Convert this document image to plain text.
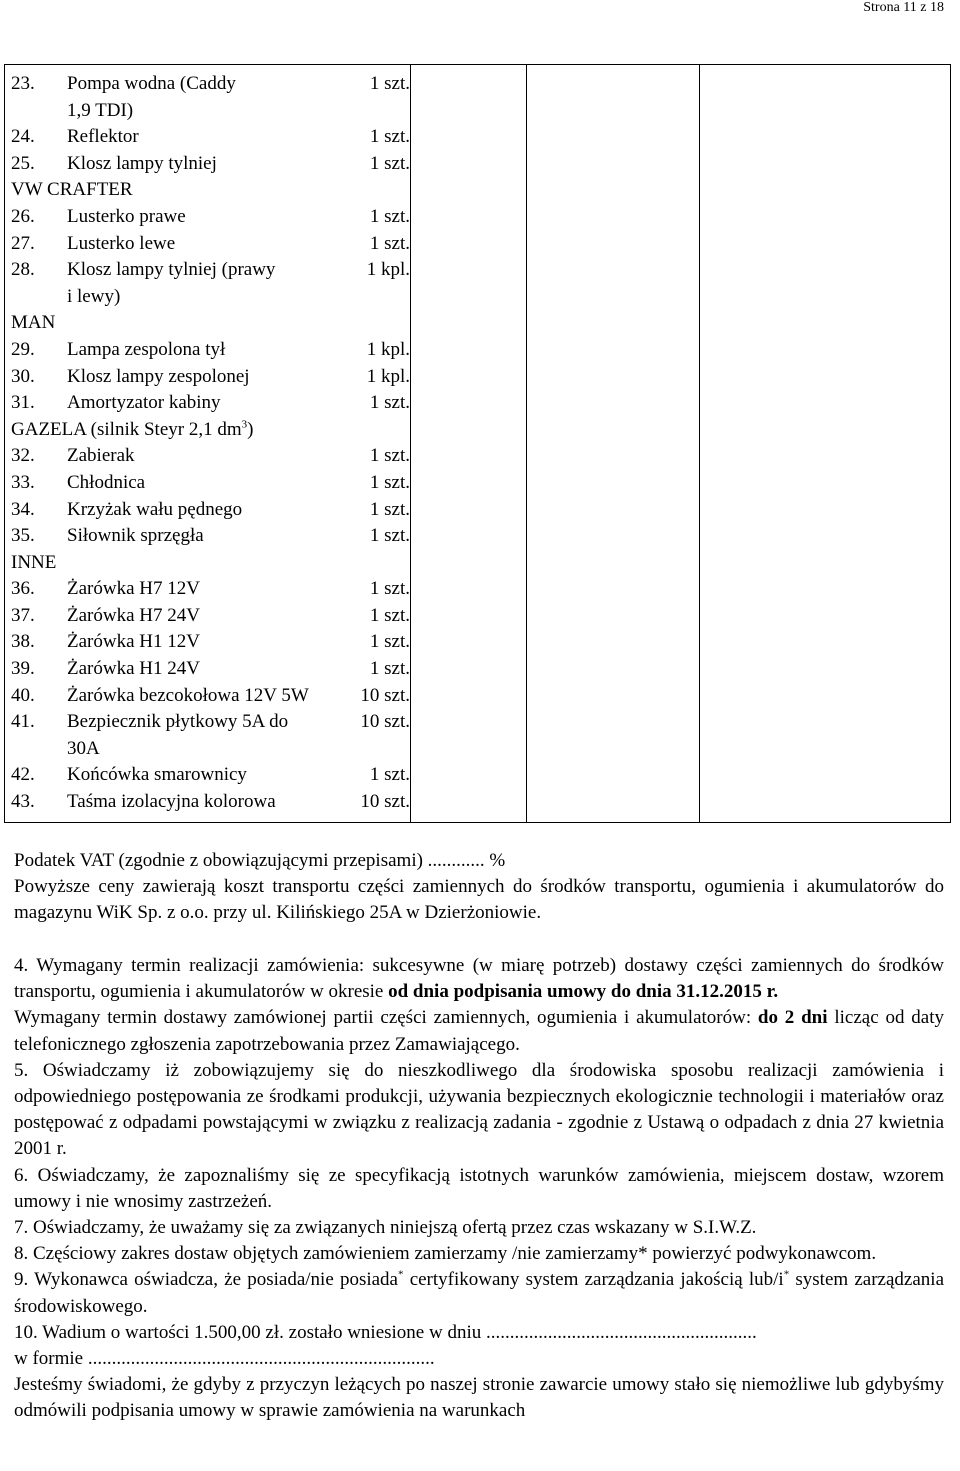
Strona 11 z 18
23.	Pompa wodna (Caddy	1 szt.
1,9 TDI)
24.	Reflektor	1 szt.
25.	Klosz lampy tylniej	1 szt.
VW CRAFTER
26.	Lusterko prawe	1 szt.
27.	Lusterko lewe	1 szt.
28.	Klosz lampy tylniej (prawy	1 kpl.
i lewy)
MAN
29.	Lampa zespolona tył	1 kpl.
30.	Klosz lampy zespolonej	1 kpl.
31.	Amortyzator kabiny	1 szt.
GAZELA (silnik Steyr 2,1 $dm^3$)
32.	Zabierak	1 szt.
33.	Chłodnica	1 szt.
34.	Krzyżak wału pędnego	1 szt.
35.	Siłownik sprzęgła	1 szt.
INNE
36.	Żarówka H7 12V	1 szt.
37.	Żarówka H7 24V	1 szt.
38.	Żarówka H1 12V	1 szt.
39.	Żarówka H1 24V	1 szt.
40.	Żarówka bezcokołowa 12V 5W	10 szt.
41.	Bezpiecznik płytkowy 5A do	10 szt.
30A
42.	Końcówka smarownicy	1 szt.
43.	Taśma izolacyjna kolorowa	10 szt.

Podatek VAT (zgodnie z obowiązującymi przepisami) ............ %

Powyższe ceny zawierają koszt transportu części zamiennych do środków transportu, ogumienia i akumulatorów do magazynu WiK Sp. z o.o. przy ul. Kilińskiego 25A w Dzierżoniowie.

4. Wymagany termin realizacji zamówienia: sukcesywne (w miarę potrzeb) dostawy części zamiennych do środków transportu, ogumienia i akumulatorów w okresie od dnia podpisania umowy do dnia 31.12.2015 r.

Wymagany termin dostawy zamówionej partii części zamiennych, ogumienia i akumulatorów: do 2 dni licząc od daty telefonicznego zgłoszenia zapotrzebowania przez Zamawiającego.

5. Oświadczamy iż zobowiązujemy się do nieszkodliwego dla środowiska sposobu realizacji zamówienia i odpowiedniego postępowania ze środkami produkcji, używania bezpiecznych ekologicznie technologii i materiałów oraz postępować z odpadami powstającymi w związku z realizacją zadania - zgodnie z Ustawą o odpadach z dnia 27 kwietnia 2001 r.

6. Oświadczamy, że zapoznaliśmy się ze specyfikacją istotnych warunków zamówienia, miejscem dostaw, wzorem umowy i nie wnosimy zastrzeżeń.

7. Oświadczamy, że uważamy się za związanych niniejszą ofertą przez czas wskazany w S.I.W.Z.

8. Częściowy zakres dostaw objętych zamówieniem zamierzamy /nie zamierzamy* powierzyć podwykonawcom.

9. Wykonawca oświadcza, że posiada/nie posiada* certyfikowany system zarządzania jakością lub/i* system zarządzania środowiskowego.

10. Wadium o wartości 1.500,00 zł. zostało wniesione w dniu .........................................................

w formie .........................................................................

Jesteśmy świadomi, że gdyby z przyczyn leżących po naszej stronie zawarcie umowy stało się niemożliwe lub gdybyśmy odmówili podpisania umowy w sprawie zamówienia na warunkach
